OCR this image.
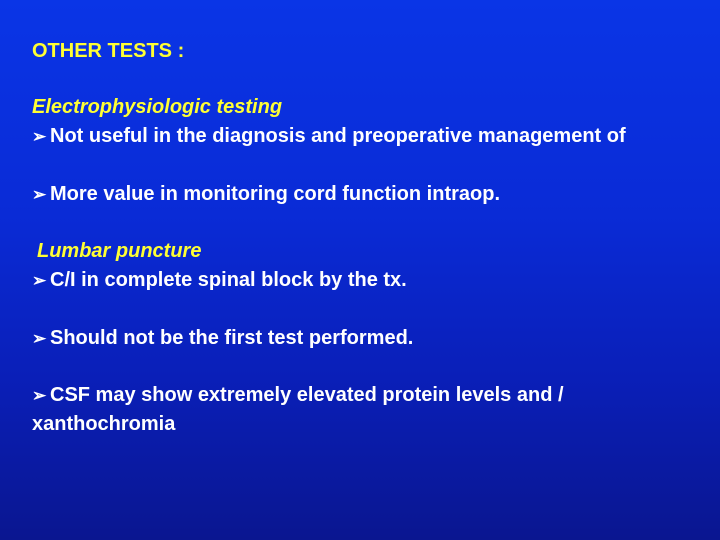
OTHER TESTS :
Electrophysiologic testing
➢ Not useful in the diagnosis and preoperative management of
➢ More value in monitoring cord function intraop.
Lumbar puncture
➢ C/I in complete spinal block by the tx.
➢ Should not be the first test performed.
➢ CSF may show extremely elevated protein levels and /
xanthochromia
